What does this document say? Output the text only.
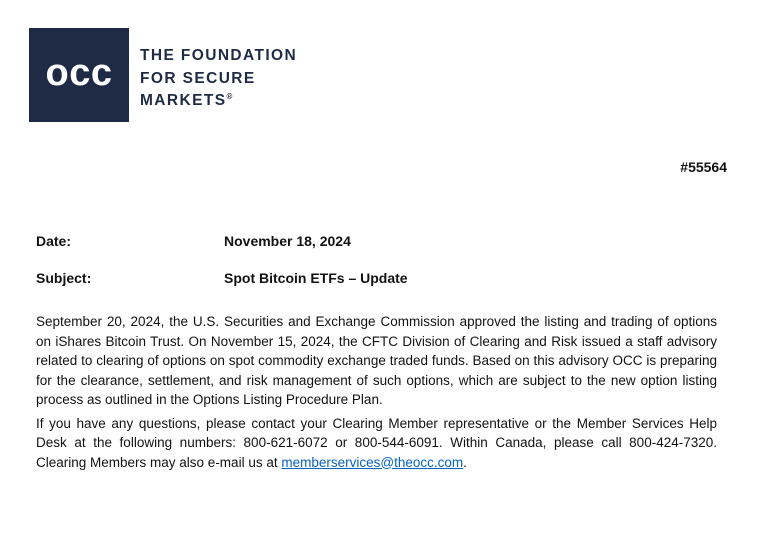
occ THE FOUNDATION
FOR SECURE
MARKETS®
#55564
Date:	November 18, 2024
Subject:	Spot Bitcoin ETFs – Update

September 20, 2024, the U.S. Securities and Exchange Commission approved the listing and trading of options on iShares Bitcoin Trust. On November 15, 2024, the CFTC Division of Clearing and Risk issued a staff advisory related to clearing of options on spot commodity exchange traded funds. Based on this advisory OCC is preparing for the clearance, settlement, and risk management of such options, which are subject to the new option listing process as outlined in the Options Listing Procedure Plan.

If you have any questions, please contact your Clearing Member representative or the Member Services Help Desk at the following numbers: 800-621-6072 or 800-544-6091. Within Canada, please call 800-424-7320. Clearing Members may also e-mail us at memberservices@theocc.com.
